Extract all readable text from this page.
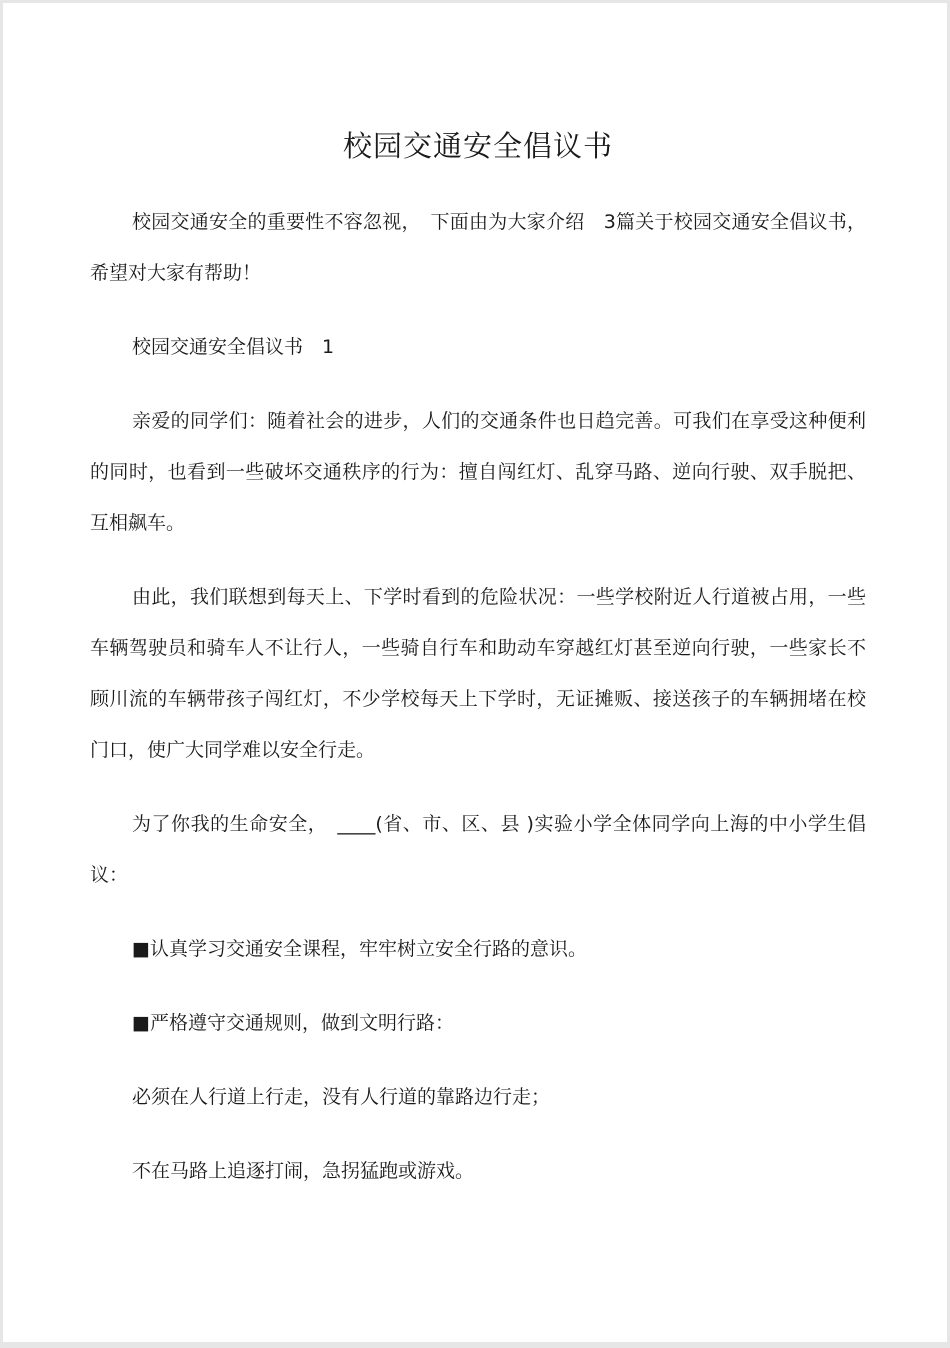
校园交通安全倡议书

校园交通安全的重要性不容忽视，　下面由为大家介绍　3篇关于校园交通安全倡议书，希望对大家有帮助！

校园交通安全倡议书　1

亲爱的同学们：随着社会的进步，人们的交通条件也日趋完善。可我们在享受这种便利的同时，也看到一些破坏交通秩序的行为：擅自闯红灯、乱穿马路、逆向行驶、双手脱把、互相飙车。

由此，我们联想到每天上、下学时看到的危险状况：一些学校附近人行道被占用，一些车辆驾驶员和骑车人不让行人，一些骑自行车和助动车穿越红灯甚至逆向行驶，一些家长不顾川流的车辆带孩子闯红灯，不少学校每天上下学时，无证摊贩、接送孩子的车辆拥堵在校门口，使广大同学难以安全行走。

为了你我的生命安全，　____(省、市、区、县 )实验小学全体同学向上海的中小学生倡议：

■认真学习交通安全课程，牢牢树立安全行路的意识。

■严格遵守交通规则，做到文明行路：

必须在人行道上行走，没有人行道的靠路边行走；

不在马路上追逐打闹，急拐猛跑或游戏。
